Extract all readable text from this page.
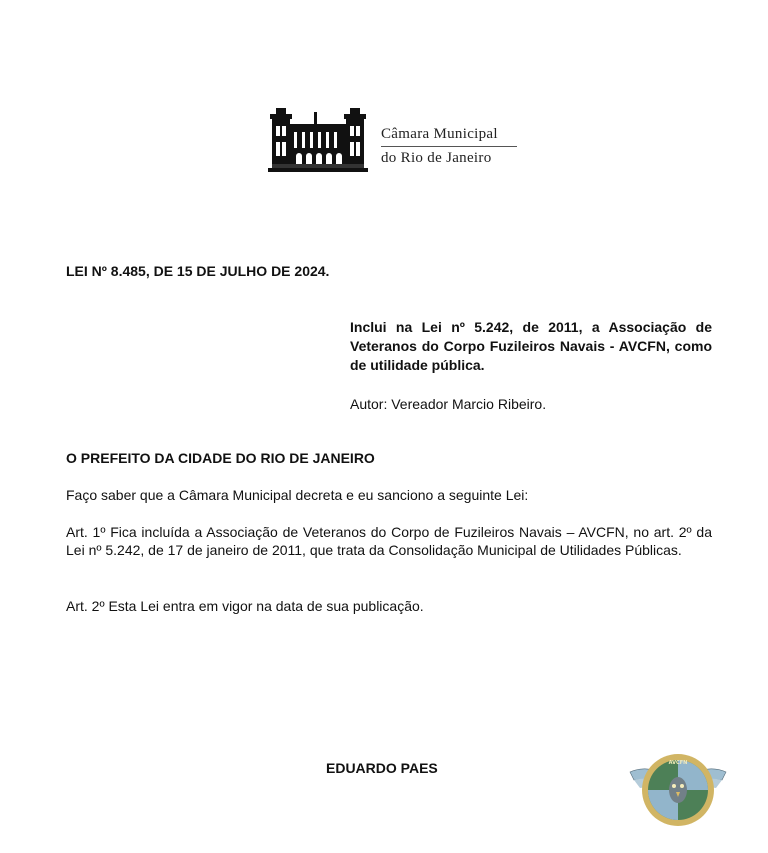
Câmara Municipal
do Rio de Janeiro
LEI Nº 8.485, DE 15 DE JULHO DE 2024.
Inclui na Lei nº 5.242, de 2011, a Associação de Veteranos do Corpo Fuzileiros Navais - AVCFN, como de utilidade pública.
Autor: Vereador Marcio Ribeiro.
O PREFEITO DA CIDADE DO RIO DE JANEIRO
Faço saber que a Câmara Municipal decreta e eu sanciono a seguinte Lei:
Art. 1º Fica incluída a Associação de Veteranos do Corpo de Fuzileiros Navais – AVCFN, no art. 2º da Lei nº 5.242, de 17 de janeiro de 2011, que trata da Consolidação Municipal de Utilidades Públicas.
Art. 2º Esta Lei entra em vigor na data de sua publicação.
EDUARDO PAES	AVCFN
